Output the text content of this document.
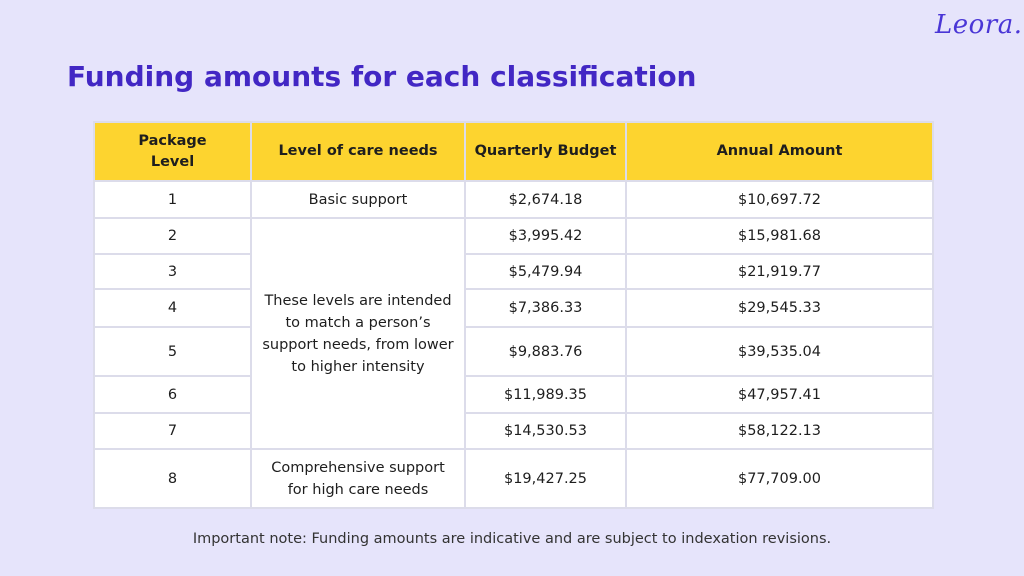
Leora.
Funding amounts for each classification
Package Level	Level of care needs	Quarterly Budget	Annual Amount
1	Basic support	$2,674.18	$10,697.72
2	These levels are intended to match a person’s support needs, from lower to higher intensity	$3,995.42	$15,981.68
3		$5,479.94	$21,919.77
4		$7,386.33	$29,545.33
5		$9,883.76	$39,535.04
6		$11,989.35	$47,957.41
7		$14,530.53	$58,122.13
8	Comprehensive support for high care needs	$19,427.25	$77,709.00
Important note: Funding amounts are indicative and are subject to indexation revisions.
